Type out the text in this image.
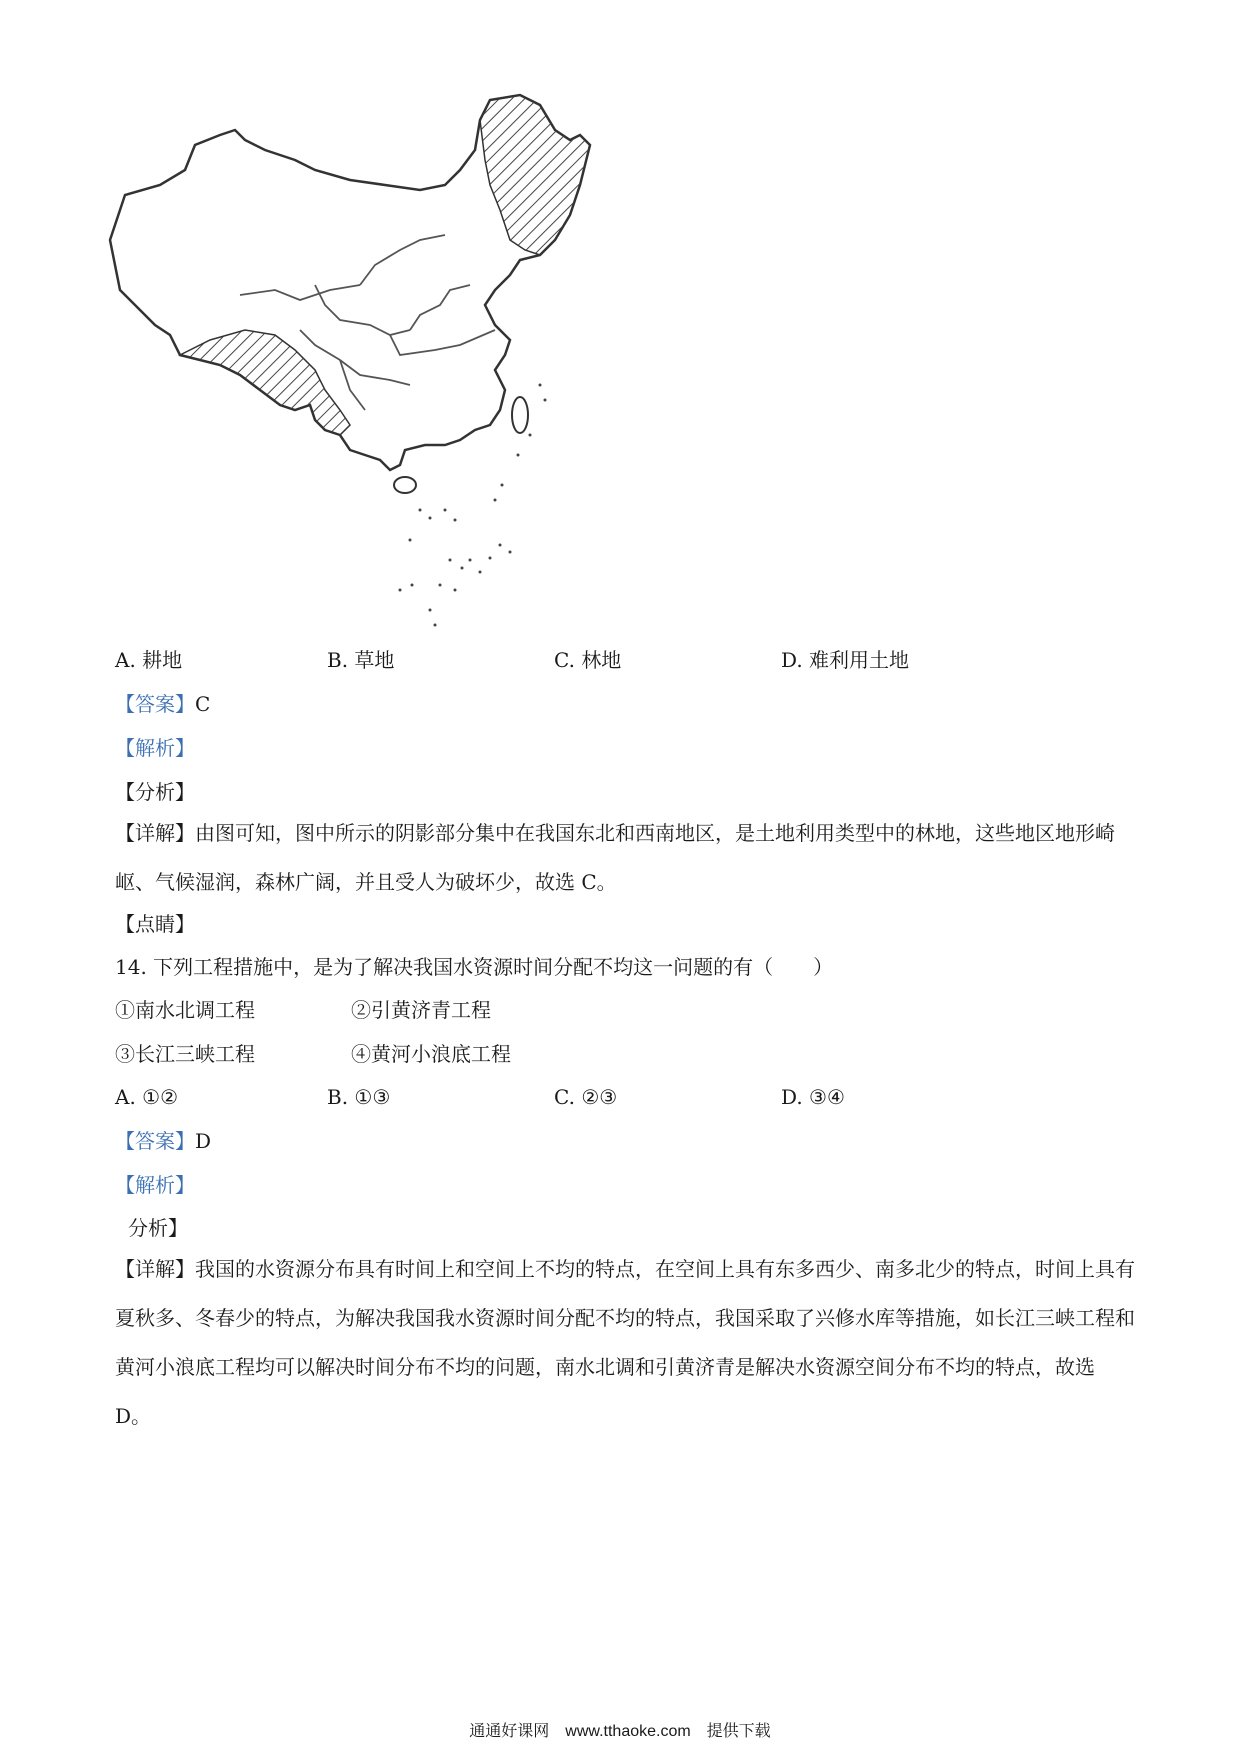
A. 耕地	B. 草地	C. 林地	D. 难利用土地
【答案】C
【解析】
【分析】
【详解】由图可知，图中所示的阴影部分集中在我国东北和西南地区，是土地利用类型中的林地，这些地区地形崎岖、气候湿润，森林广阔，并且受人为破坏少，故选 C。
【点睛】
14. 下列工程措施中，是为了解决我国水资源时间分配不均这一问题的有（　　）
①南水北调工程	②引黄济青工程
③长江三峡工程	④黄河小浪底工程
A. ①②	B. ①③	C. ②③	D. ③④
【答案】D
【解析】
分析】
【详解】我国的水资源分布具有时间上和空间上不均的特点，在空间上具有东多西少、南多北少的特点，时间上具有夏秋多、冬春少的特点，为解决我国我水资源时间分配不均的特点，我国采取了兴修水库等措施，如长江三峡工程和黄河小浪底工程均可以解决时间分布不均的问题，南水北调和引黄济青是解决水资源空间分布不均的特点，故选 D。
通通好课网　www.tthaoke.com　提供下载
